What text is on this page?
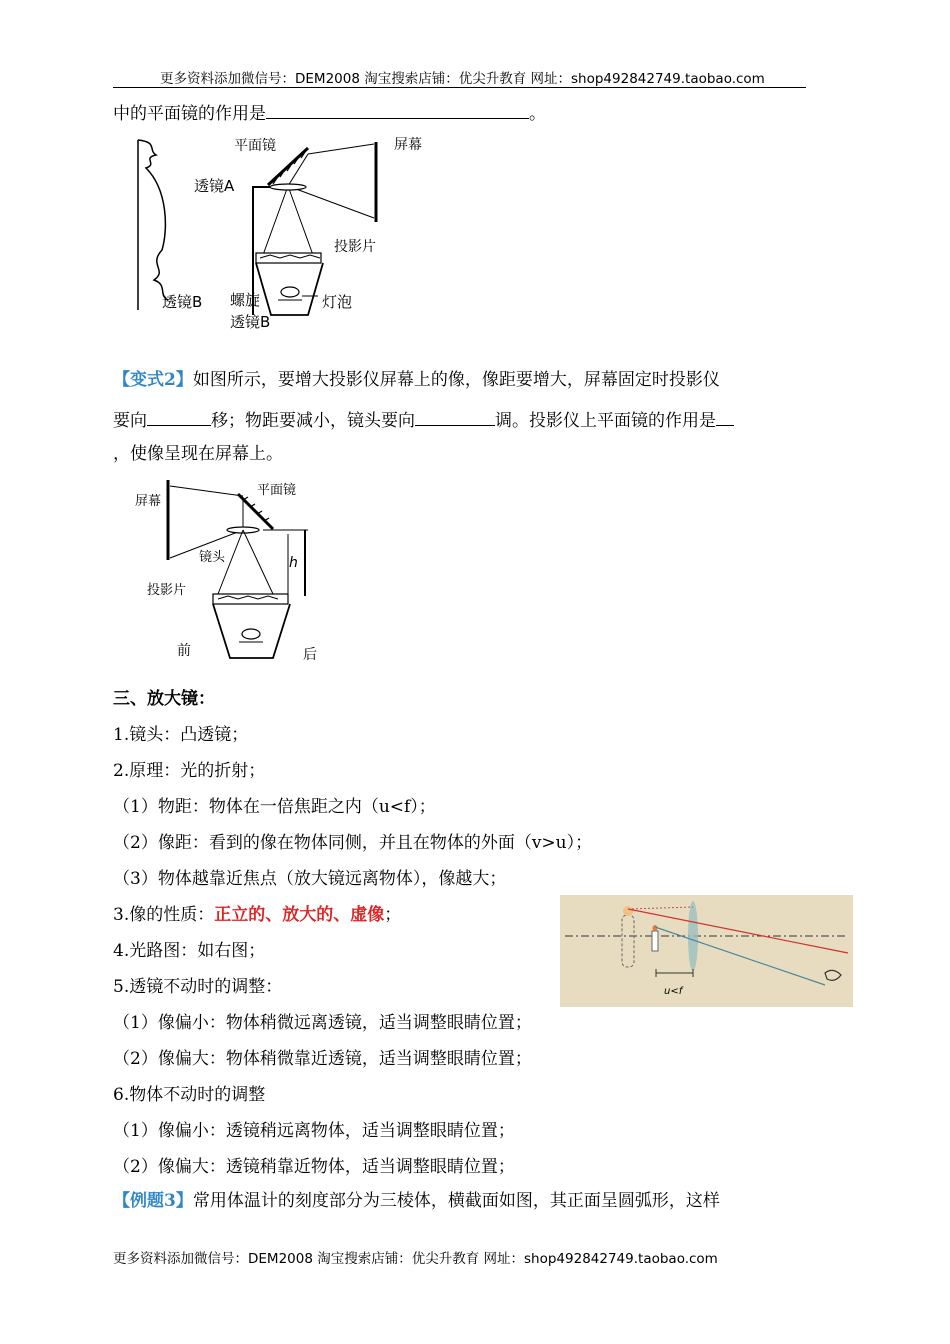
更多资料添加微信号：DEM2008 淘宝搜索店铺：优尖升教育 网址：shop492842749.taobao.com
中的平面镜的作用是	。
平面镜	屏幕
透镜A
投影片
透镜B 螺旋
透镜B
灯泡
【变式2】如图所示，要增大投影仪屏幕上的像，像距要增大，屏幕固定时投影仪
要向	移；物距要减小，镜头要向	调。投影仪上平面镜的作用是
，使像呈现在屏幕上。
屏幕
平面镜
镜头	h
投影片
前	后
三、放大镜：
1.镜头：凸透镜；
2.原理：光的折射；
（1）物距：物体在一倍焦距之内（u<f）；
（2）像距：看到的像在物体同侧，并且在物体的外面（v>u）；
（3）物体越靠近焦点（放大镜远离物体），像越大；
3.像的性质：正立的、放大的、虚像；
4.光路图：如右图；
5.透镜不动时的调整：
（1）像偏小：物体稍微远离透镜，适当调整眼睛位置；
（2）像偏大：物体稍微靠近透镜，适当调整眼睛位置；
6.物体不动时的调整
（1）像偏小：透镜稍远离物体，适当调整眼睛位置；
（2）像偏大：透镜稍靠近物体，适当调整眼睛位置；
u<f
【例题3】常用体温计的刻度部分为三棱体，横截面如图，其正面呈圆弧形，这样
更多资料添加微信号：DEM2008 淘宝搜索店铺：优尖升教育 网址：shop492842749.taobao.com
